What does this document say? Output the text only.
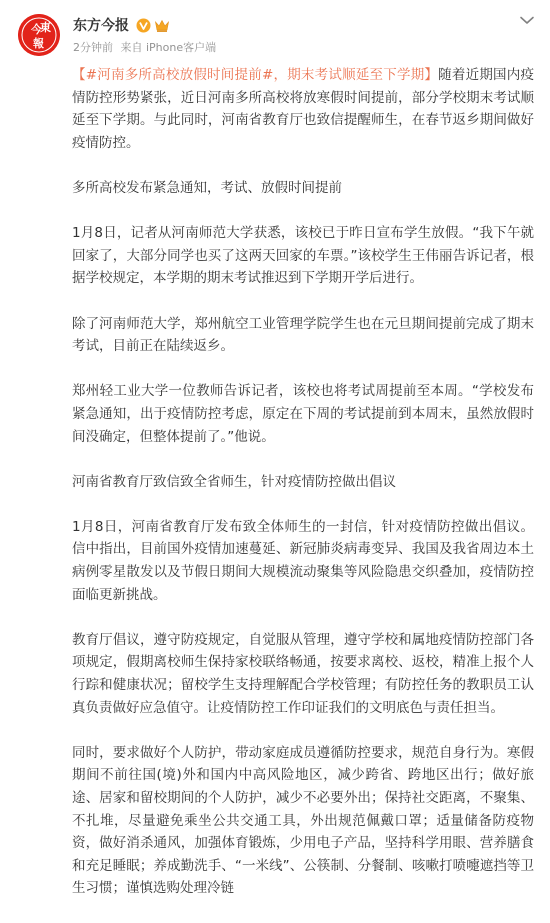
今
東
報
东方今报
2分钟前 来自 iPhone客户端

【#河南多所高校放假时间提前#，期末考试顺延至下学期】随着近期国内疫情防控形势紧张，近日河南多所高校将放寒假时间提前，部分学校期末考试顺延至下学期。与此同时，河南省教育厅也致信提醒师生，在春节返乡期间做好疫情防控。

多所高校发布紧急通知，考试、放假时间提前

1月8日，记者从河南师范大学获悉，该校已于昨日宣布学生放假。“我下午就回家了，大部分同学也买了这两天回家的车票。”该校学生王伟丽告诉记者，根据学校规定，本学期的期末考试推迟到下学期开学后进行。

除了河南师范大学，郑州航空工业管理学院学生也在元旦期间提前完成了期末考试，目前正在陆续返乡。

郑州轻工业大学一位教师告诉记者，该校也将考试周提前至本周。“学校发布紧急通知，出于疫情防控考虑，原定在下周的考试提前到本周末，虽然放假时间没确定，但整体提前了。”他说。

河南省教育厅致信致全省师生，针对疫情防控做出倡议

1月8日，河南省教育厅发布致全体师生的一封信，针对疫情防控做出倡议。信中指出，目前国外疫情加速蔓延、新冠肺炎病毒变异、我国及我省周边本土病例零星散发以及节假日期间大规模流动聚集等风险隐患交织叠加，疫情防控面临更新挑战。

教育厅倡议，遵守防疫规定，自觉服从管理，遵守学校和属地疫情防控部门各项规定，假期离校师生保持家校联络畅通，按要求离校、返校，精准上报个人行踪和健康状况；留校学生支持理解配合学校管理；有防控任务的教职员工认真负责做好应急值守。让疫情防控工作印证我们的文明底色与责任担当。

同时，要求做好个人防护，带动家庭成员遵循防控要求，规范自身行为。寒假期间不前往国(境)外和国内中高风险地区，减少跨省、跨地区出行；做好旅途、居家和留校期间的个人防护，减少不必要外出；保持社交距离，不聚集、不扎堆，尽量避免乘坐公共交通工具，外出规范佩戴口罩；适量储备防疫物资，做好消杀通风，加强体育锻炼，少用电子产品，坚持科学用眼、营养膳食和充足睡眠；养成勤洗手、“一米线”、公筷制、分餐制、咳嗽打喷嚏遮挡等卫生习惯；谨慎选购处理冷链
